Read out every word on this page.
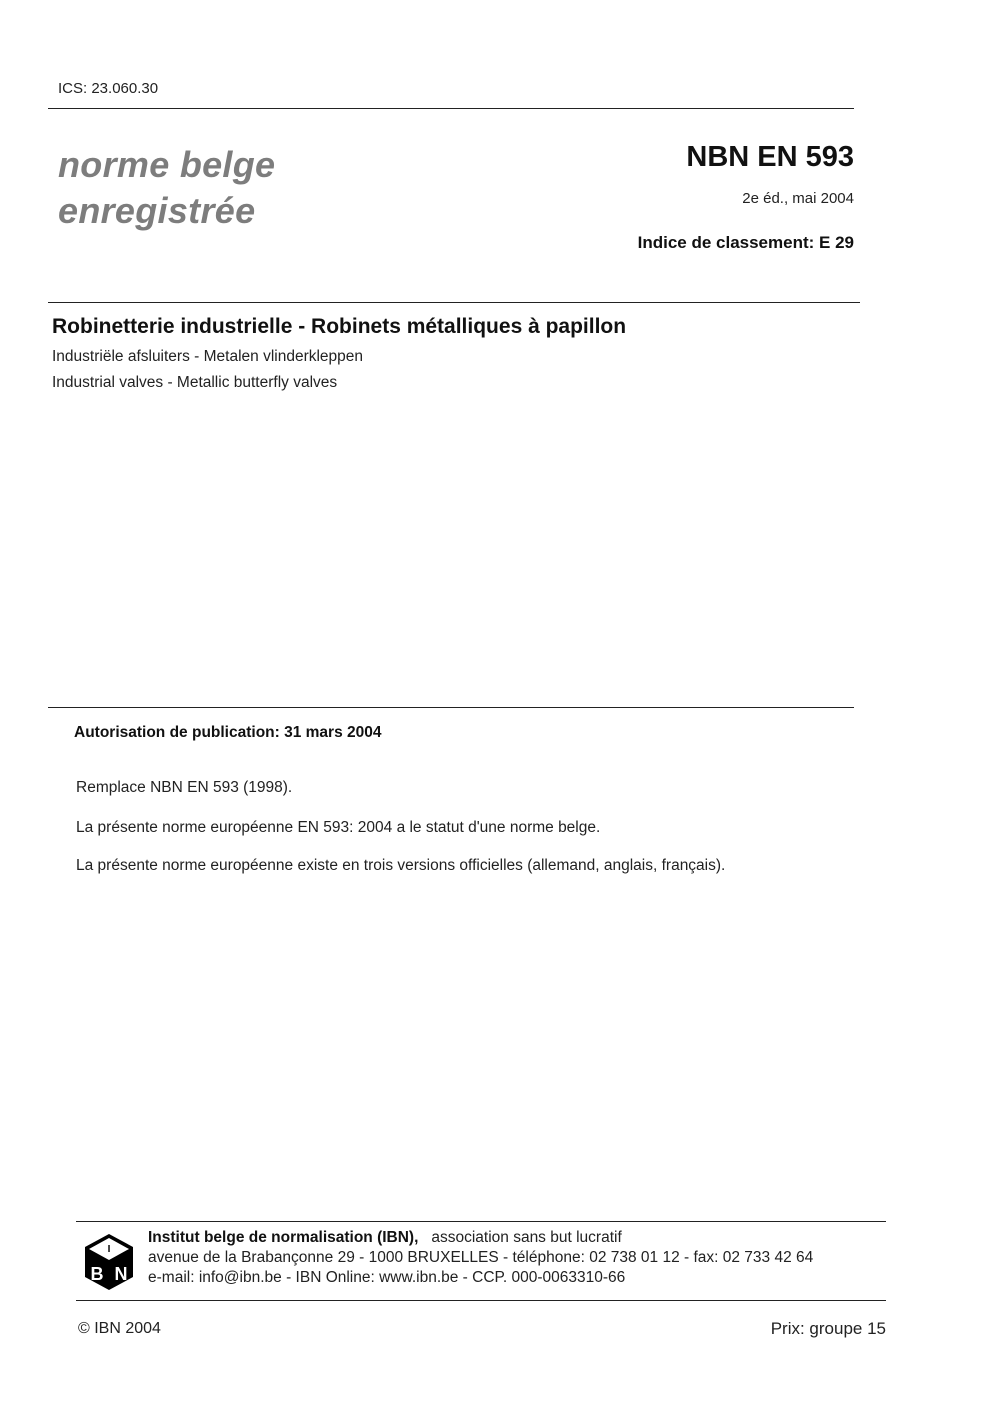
ICS: 23.060.30
norme belge
enregistrée
NBN EN 593
2e éd., mai 2004
Indice de classement: E 29
Robinetterie industrielle - Robinets métalliques à papillon
Industriële afsluiters - Metalen vlinderkleppen
Industrial valves - Metallic butterfly valves
Autorisation de publication: 31 mars 2004
Remplace NBN EN 593 (1998).
La présente norme européenne EN 593: 2004 a le statut d'une norme belge.
La présente norme européenne existe en trois versions officielles (allemand, anglais, français).
I
B N
Institut belge de normalisation (IBN), association sans but lucratif
avenue de la Brabançonne 29 - 1000 BRUXELLES - téléphone: 02 738 01 12 - fax: 02 733 42 64
e-mail: info@ibn.be - IBN Online: www.ibn.be - CCP. 000-0063310-66
© IBN 2004	Prix: groupe 15
